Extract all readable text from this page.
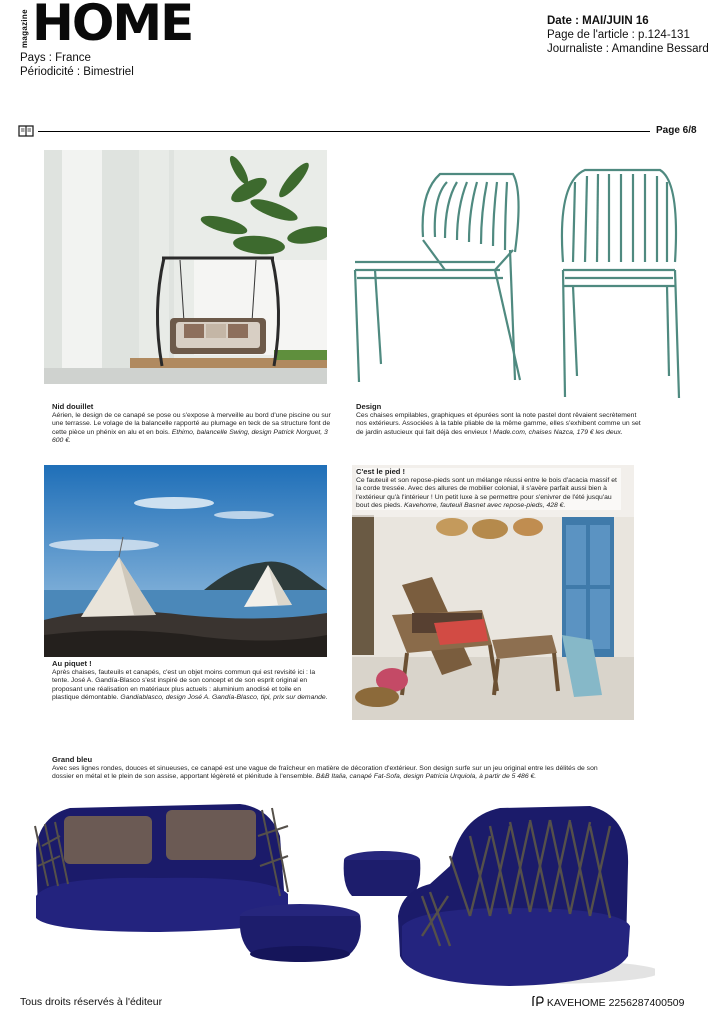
magazine HOME
Pays : France
Périodicité : Bimestriel
Date : MAI/JUIN 16
Page de l'article : p.124-131
Journaliste : Amandine Bessard
Page 6/8
Nid douillet
Aérien, le design de ce canapé se pose ou s'expose à merveille au bord d'une piscine ou sur une terrasse. Le volage de la balancelle rapporté au plumage en teck de sa structure font de cette pièce un phénix en alu et en bois. Ethimo, balancelle Swing, design Patrick Norguet, 3 600 €.
Design
Ces chaises empilables, graphiques et épurées sont la note pastel dont rêvaient secrètement nos extérieurs. Associées à la table pliable de la même gamme, elles s'exhibent comme un set de jardin astucieux qui fait déjà des envieux ! Made.com, chaises Nazca, 179 € les deux.
Au piquet !
Après chaises, fauteuils et canapés, c'est un objet moins commun qui est revisité ici : la tente. José A. Gandía-Blasco s'est inspiré de son concept et de son esprit original en proposant une réalisation en matériaux plus actuels : aluminium anodisé et toile en plastique démontable. Gandiablasco, design José A. Gandía-Blasco, tipi, prix sur demande.
C'est le pied !
Ce fauteuil et son repose-pieds sont un mélange réussi entre le bois d'acacia massif et la corde tressée. Avec des allures de mobilier colonial, il s'avère parfait aussi bien à l'extérieur qu'à l'intérieur ! Un petit luxe à se permettre pour s'enivrer de l'été jusqu'au bout des pieds. Kavehome, fauteuil Basnet avec repose-pieds, 428 €.
Grand bleu
Avec ses lignes rondes, douces et sinueuses, ce canapé est une vague de fraîcheur en matière de décoration d'extérieur. Son design surfe sur un jeu original entre les délités de son dossier en métal et le plein de son assise, apportant légèreté et plénitude à l'ensemble. B&B Italia, canapé Fat-Sofa, design Patricia Urquiola, à partir de 5 486 €.
Tous droits réservés à l'éditeur	KAVEHOME 2256287400509
